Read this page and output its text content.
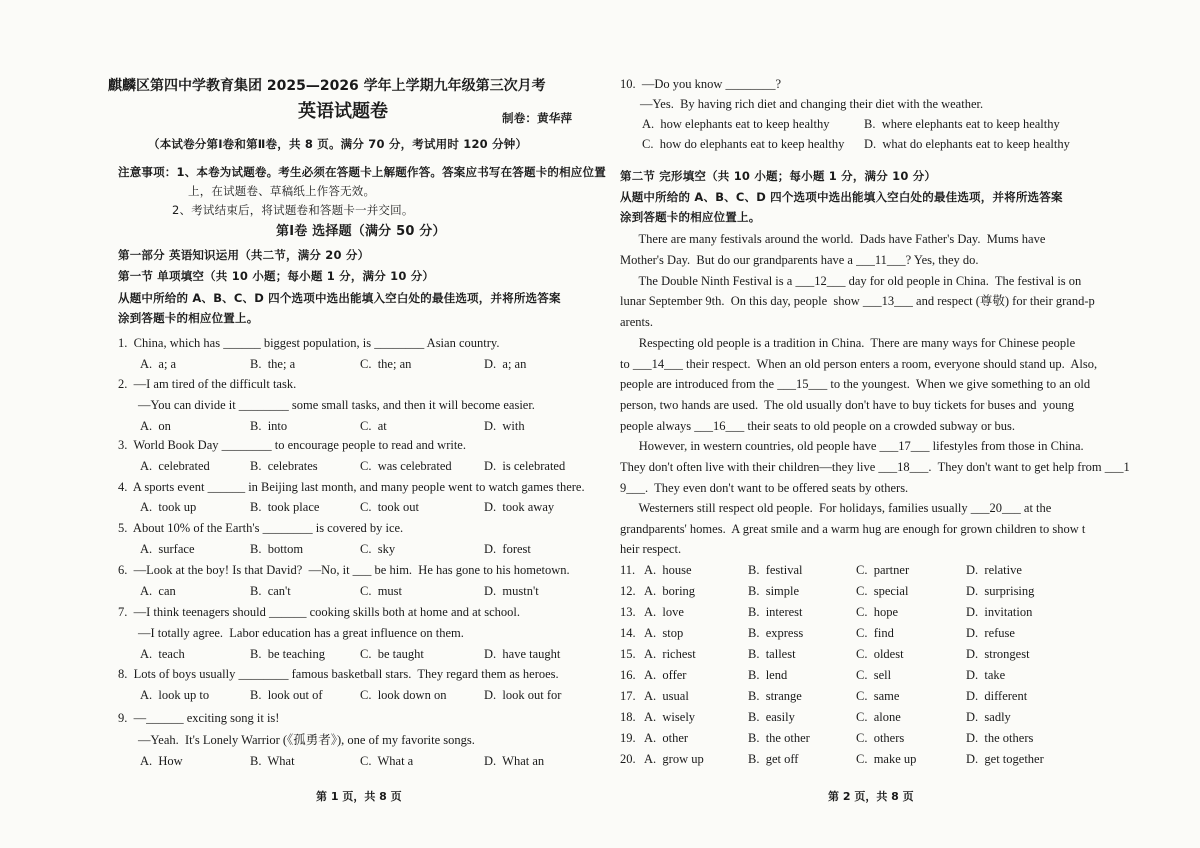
麒麟区第四中学教育集团 2025—2026 学年上学期九年级第三次月考
英语试题卷	制卷：黄华萍
（本试卷分第Ⅰ卷和第Ⅱ卷，共 8 页。满分 70 分，考试用时 120 分钟）
注意事项：1、本卷为试题卷。考生必须在答题卡上解题作答。答案应书写在答题卡的相应位置
上，在试题卷、草稿纸上作答无效。
2、考试结束后，将试题卷和答题卡一并交回。
第Ⅰ卷 选择题（满分 50 分）
第一部分 英语知识运用（共二节，满分 20 分）
第一节 单项填空（共 10 小题；每小题 1 分，满分 10 分）
从题中所给的 A、B、C、D 四个选项中选出能填入空白处的最佳选项，并将所选答案
涂到答题卡的相应位置上。
1.  China, which has ______ biggest population, is ________ Asian country.
A.  a; a	B.  the; a	C.  the; an	D.  a; an
2.  —I am tired of the difficult task.
—You can divide it ________ some small tasks, and then it will become easier.
A.  on	B.  into	C.  at	D.  with
3.  World Book Day ________ to encourage people to read and write.
A.  celebrated	B.  celebrates	C.  was celebrated	D.  is celebrated
4.  A sports event ______ in Beijing last month, and many people went to watch games there.
A.  took up	B.  took place	C.  took out	D.  took away
5.  About 10% of the Earth's ________ is covered by ice.
A.  surface	B.  bottom	C.  sky	D.  forest
6.  —Look at the boy! Is that David?  —No, it ___ be him.  He has gone to his hometown.
A.  can	B.  can't	C.  must	D.  mustn't
7.  —I think teenagers should ______ cooking skills both at home and at school.
—I totally agree.  Labor education has a great influence on them.
A.  teach	B.  be teaching	C.  be taught	D.  have taught
8.  Lots of boys usually ________ famous basketball stars.  They regard them as heroes.
A.  look up to	B.  look out of	C.  look down on	D.  look out for
9.  —______ exciting song it is!
—Yeah.  It's Lonely Warrior (《孤勇者》), one of my favorite songs.
A.  How	B.  What	C.  What a	D.  What an
第 1 页，共 8 页
10.  —Do you know ________?
—Yes.  By having rich diet and changing their diet with the weather.
A.  how elephants eat to keep healthy	B.  where elephants eat to keep healthy
C.  how do elephants eat to keep healthy D.  what do elephants eat to keep healthy
第二节 完形填空（共 10 小题；每小题 1 分，满分 10 分）
从题中所给的 A、B、C、D 四个选项中选出能填入空白处的最佳选项，并将所选答案
涂到答题卡的相应位置上。
There are many festivals around the world.  Dads have Father's Day.  Mums have
Mother's Day.  But do our grandparents have a ___11___? Yes, they do.
The Double Ninth Festival is a ___12___ day for old people in China.  The festival is on
lunar September 9th.  On this day, people  show ___13___ and respect (尊敬) for their grand-p
arents.
Respecting old people is a tradition in China.  There are many ways for Chinese people
to ___14___ their respect.  When an old person enters a room, everyone should stand up.  Also,
people are introduced from the ___15___ to the youngest.  When we give something to an old
person, two hands are used.  The old usually don't have to buy tickets for buses and  young
people always ___16___ their seats to old people on a crowded subway or bus.
However, in western countries, old people have ___17___ lifestyles from those in China.
They don't often live with their children—they live ___18___.  They don't want to get help from ___1
9___.  They even don't want to be offered seats by others.
Westerners still respect old people.  For holidays, families usually ___20___ at the
grandparents' homes.  A great smile and a warm hug are enough for grown children to show t
heir respect.
11. A.  house	B.  festival	C.  partner	D.  relative
12. A.  boring	B.  simple	C.  special	D.  surprising
13. A.  love	B.  interest	C.  hope	D.  invitation
14. A.  stop	B.  express	C.  find	D.  refuse
15. A.  richest	B.  tallest	C.  oldest	D.  strongest
16. A.  offer	B.  lend	C.  sell	D.  take
17. A.  usual	B.  strange	C.  same	D.  different
18. A.  wisely	B.  easily	C.  alone	D.  sadly
19. A.  other	B.  the other	C.  others	D.  the others
20. A.  grow up	B.  get off	C.  make up	D.  get together
第 2 页，共 8 页
